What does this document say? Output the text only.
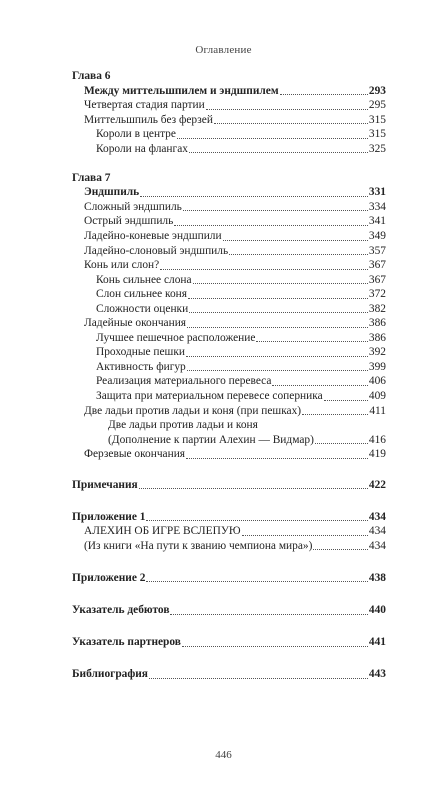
Оглавление
Глава 6
Между миттельшпилем и эндшпилем	293
Четвертая стадия партии	295
Миттельшпиль без ферзей	315
Короли в центре	315
Короли на флангах	325
Глава 7
Эндшпиль	331
Сложный эндшпиль	334
Острый эндшпиль	341
Ладейно-коневые эндшпили	349
Ладейно-слоновый эндшпиль	357
Конь или слон?	367
Конь сильнее слона	367
Слон сильнее коня	372
Сложности оценки	382
Ладейные окончания	386
Лучшее пешечное расположение	386
Проходные пешки	392
Активность фигур	399
Реализация материального перевеса	406
Защита при материальном перевесе соперника	409
Две ладьи против ладьи и коня (при пешках)	411
Две ладьи против ладьи и коня
(Дополнение к партии Алехин — Видмар)	416
Ферзевые окончания	419
Примечания	422
Приложение 1	434
АЛЕХИН ОБ ИГРЕ ВСЛЕПУЮ	434
(Из книги «На пути к званию чемпиона мира»)	434
Приложение 2	438
Указатель дебютов	440
Указатель партнеров	441
Библиография	443
446
